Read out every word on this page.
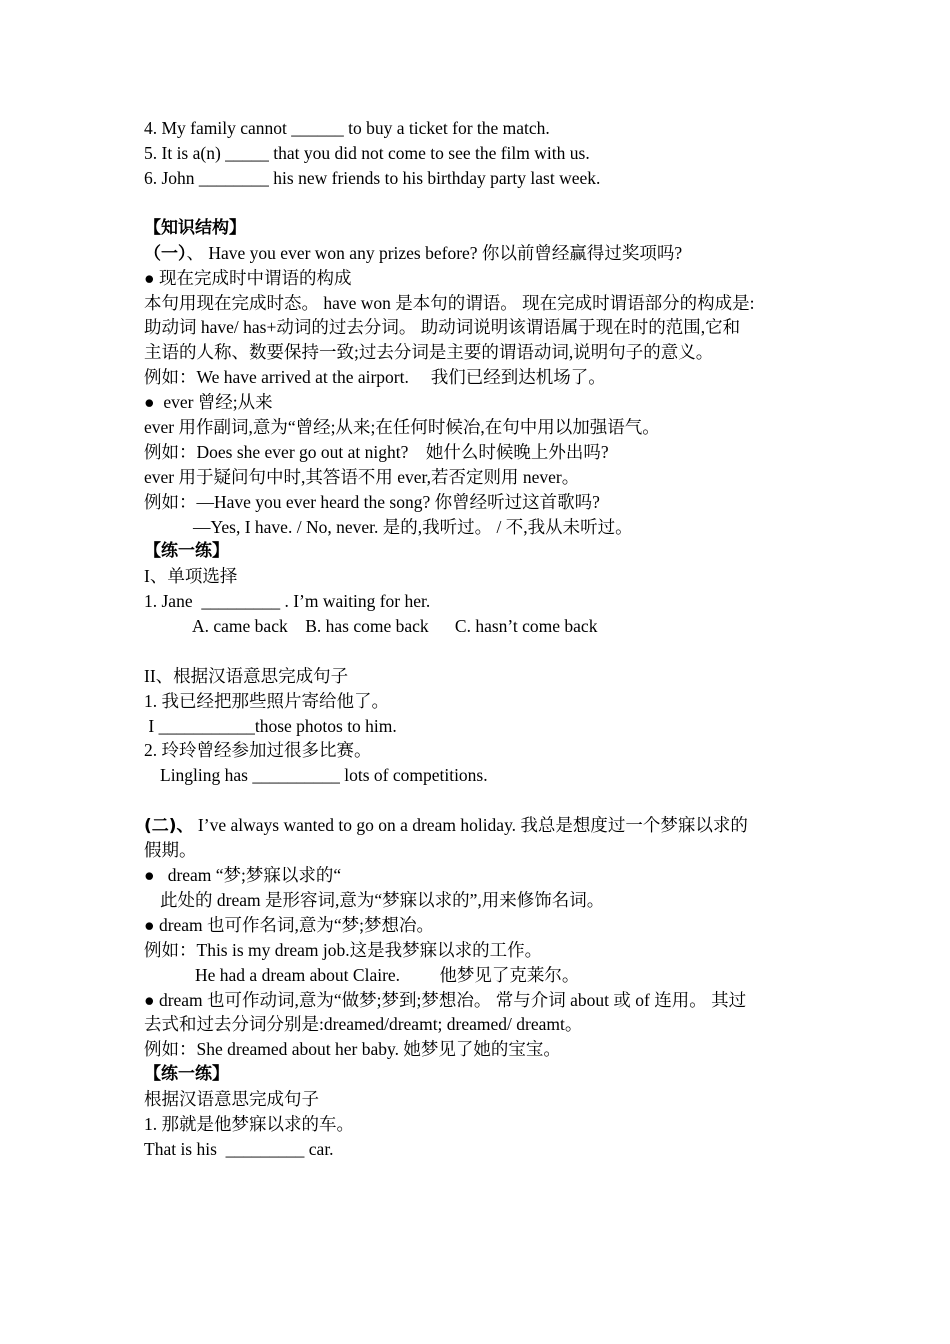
4. My family cannot ______ to buy a ticket for the match.
5. It is a(n) _____ that you did not come to see the film with us.
6. John ________ his new friends to his birthday party last week.
【知识结构】
（一）、 Have you ever won any prizes before? 你以前曾经赢得过奖项吗?
● 现在完成时中谓语的构成
本句用现在完成时态。 have won 是本句的谓语。 现在完成时谓语部分的构成是:
助动词 have/ has+动词的过去分词。 助动词说明该谓语属于现在时的范围,它和
主语的人称、数要保持一致;过去分词是主要的谓语动词,说明句子的意义。
例如：We have arrived at the airport.     我们已经到达机场了。
●  ever 曾经;从来
ever 用作副词,意为“曾经;从来;在任何时候冶,在句中用以加强语气。
例如：Does she ever go out at night?    她什么时候晚上外出吗?
ever 用于疑问句中时,其答语不用 ever,若否定则用 never。
例如：—Have you ever heard the song? 你曾经听过这首歌吗?
—Yes, I have. / No, never. 是的,我听过。 / 不,我从未听过。
【练一练】
I、单项选择
1. Jane  _________ . I’m waiting for her.
A. came back    B. has come back      C. hasn’t come back
II、根据汉语意思完成句子
1. 我已经把那些照片寄给他了。
I ___________those photos to him.
2. 玲玲曾经参加过很多比赛。
Lingling has __________ lots of competitions.
(二)、 I’ve always wanted to go on a dream holiday. 我总是想度过一个梦寐以求的
假期。
●   dream “梦;梦寐以求的“
此处的 dream 是形容词,意为“梦寐以求的”,用来修饰名词。
● dream 也可作名词,意为“梦;梦想冶。
例如：This is my dream job.这是我梦寐以求的工作。
He had a dream about Claire.         他梦见了克莱尔。
● dream 也可作动词,意为“做梦;梦到;梦想冶。 常与介词 about 或 of 连用。 其过
去式和过去分词分别是:dreamed/dreamt; dreamed/ dreamt。
例如：She dreamed about her baby. 她梦见了她的宝宝。
【练一练】
根据汉语意思完成句子
1. 那就是他梦寐以求的车。
That is his  _________ car.
